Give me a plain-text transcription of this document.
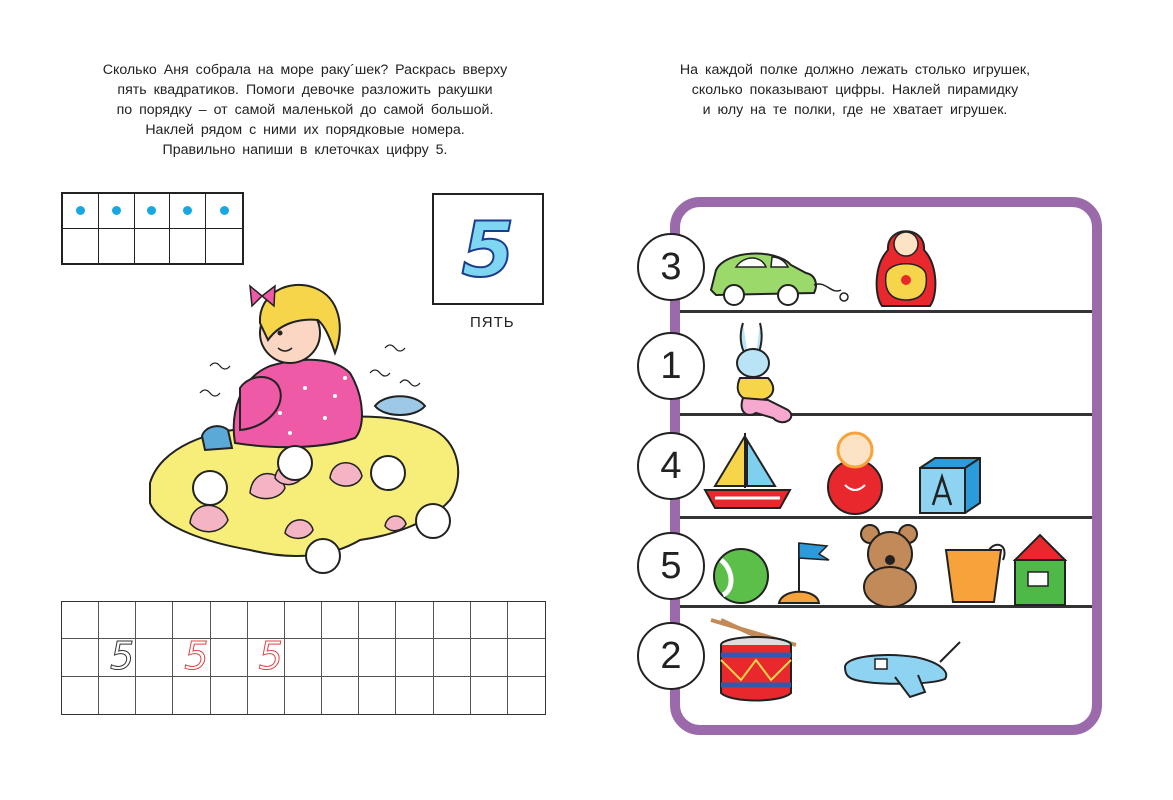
Сколько Аня собрала на море раку´шек? Раскрась вверху
пять квадратиков. Помоги девочке разложить ракушки
по порядку – от самой маленькой до самой большой.
Наклей рядом с ними их порядковые номера.
Правильно напиши в клеточках цифру 5.
На каждой полке должно лежать столько игрушек,
сколько показывают цифры. Наклей пирамидку
и юлу на те полки, где не хватает игрушек.
5
ПЯТЬ
5 5 5
3
1
4
5
2
